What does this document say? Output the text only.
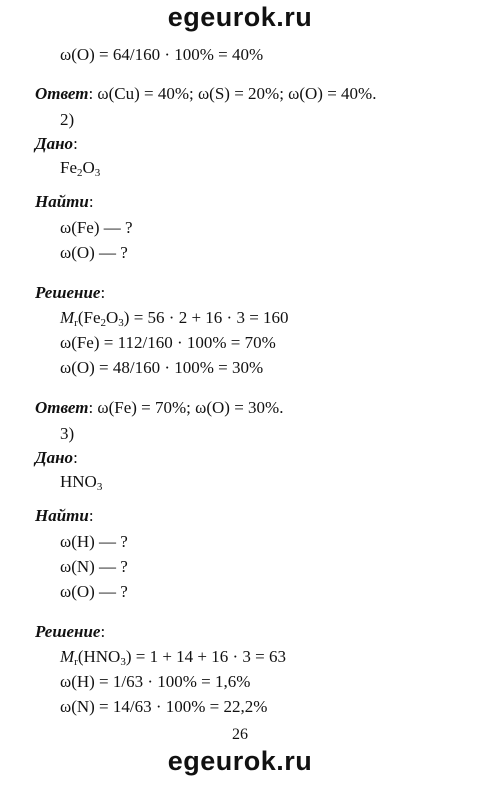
egeurok.ru
ω(O) = 64/160 · 100% = 40%
Ответ: ω(Cu) = 40%; ω(S) = 20%; ω(O) = 40%.
2)
Дано:
$Fe_2O_3$
Найти:
ω(Fe) — ?
ω(O) — ?
Решение:
$M_r(Fe_2O_3) = 56 \cdot 2 + 16 \cdot 3 = 160$
ω(Fe) = 112/160 · 100% = 70%
ω(O) = 48/160 · 100% = 30%
Ответ: ω(Fe) = 70%; ω(O) = 30%.
3)
Дано:
$HNO_3$
Найти:
ω(H) — ?
ω(N) — ?
ω(O) — ?
Решение:
$M_r(HNO_3) = 1 + 14 + 16 \cdot 3 = 63$
ω(H) = 1/63 · 100% = 1,6%
ω(N) = 14/63 · 100% = 22,2%
26
egeurok.ru
